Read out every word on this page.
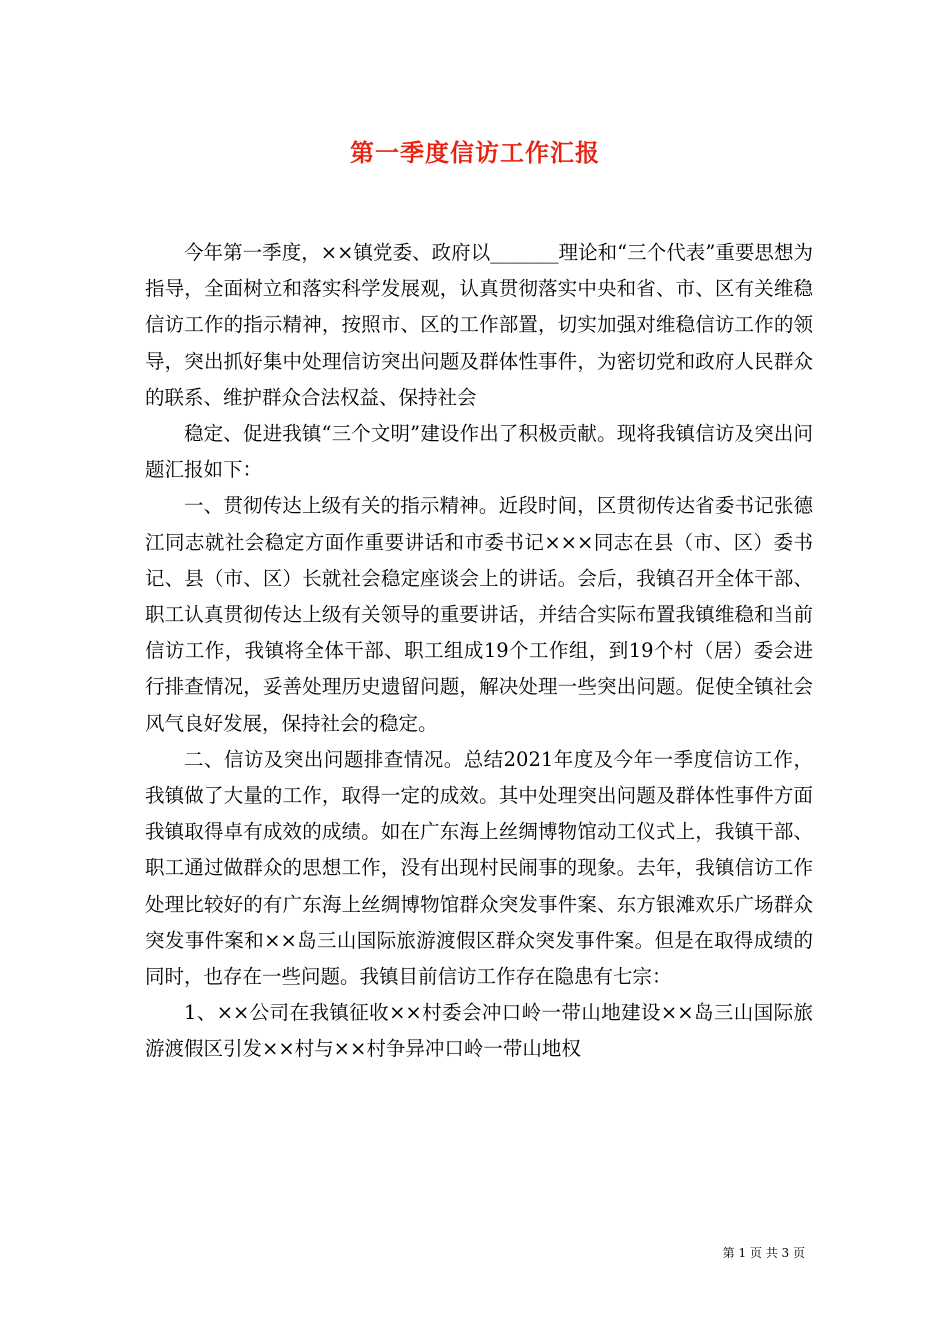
第一季度信访工作汇报

今年第一季度，××镇党委、政府以_______理论和“三个代表”重要思想为指导，全面树立和落实科学发展观，认真贯彻落实中央和省、市、区有关维稳信访工作的指示精神，按照市、区的工作部置，切实加强对维稳信访工作的领导，突出抓好集中处理信访突出问题及群体性事件，为密切党和政府人民群众的联系、维护群众合法权益、保持社会

稳定、促进我镇“三个文明”建设作出了积极贡献。现将我镇信访及突出问题汇报如下：

一、贯彻传达上级有关的指示精神。近段时间，区贯彻传达省委书记张德江同志就社会稳定方面作重要讲话和市委书记×××同志在县（市、区）委书记、县（市、区）长就社会稳定座谈会上的讲话。会后，我镇召开全体干部、职工认真贯彻传达上级有关领导的重要讲话，并结合实际布置我镇维稳和当前信访工作，我镇将全体干部、职工组成19个工作组，到19个村（居）委会进行排查情况，妥善处理历史遗留问题，解决处理一些突出问题。促使全镇社会风气良好发展，保持社会的稳定。

二、信访及突出问题排查情况。总结2021年度及今年一季度信访工作，我镇做了大量的工作，取得一定的成效。其中处理突出问题及群体性事件方面我镇取得卓有成效的成绩。如在广东海上丝绸博物馆动工仪式上，我镇干部、职工通过做群众的思想工作，没有出现村民闹事的现象。去年，我镇信访工作处理比较好的有广东海上丝绸博物馆群众突发事件案、东方银滩欢乐广场群众突发事件案和××岛三山国际旅游渡假区群众突发事件案。但是在取得成绩的同时，也存在一些问题。我镇目前信访工作存在隐患有七宗：

1、××公司在我镇征收××村委会冲口岭一带山地建设××岛三山国际旅游渡假区引发××村与××村争异冲口岭一带山地权

第 1 页 共 3 页
